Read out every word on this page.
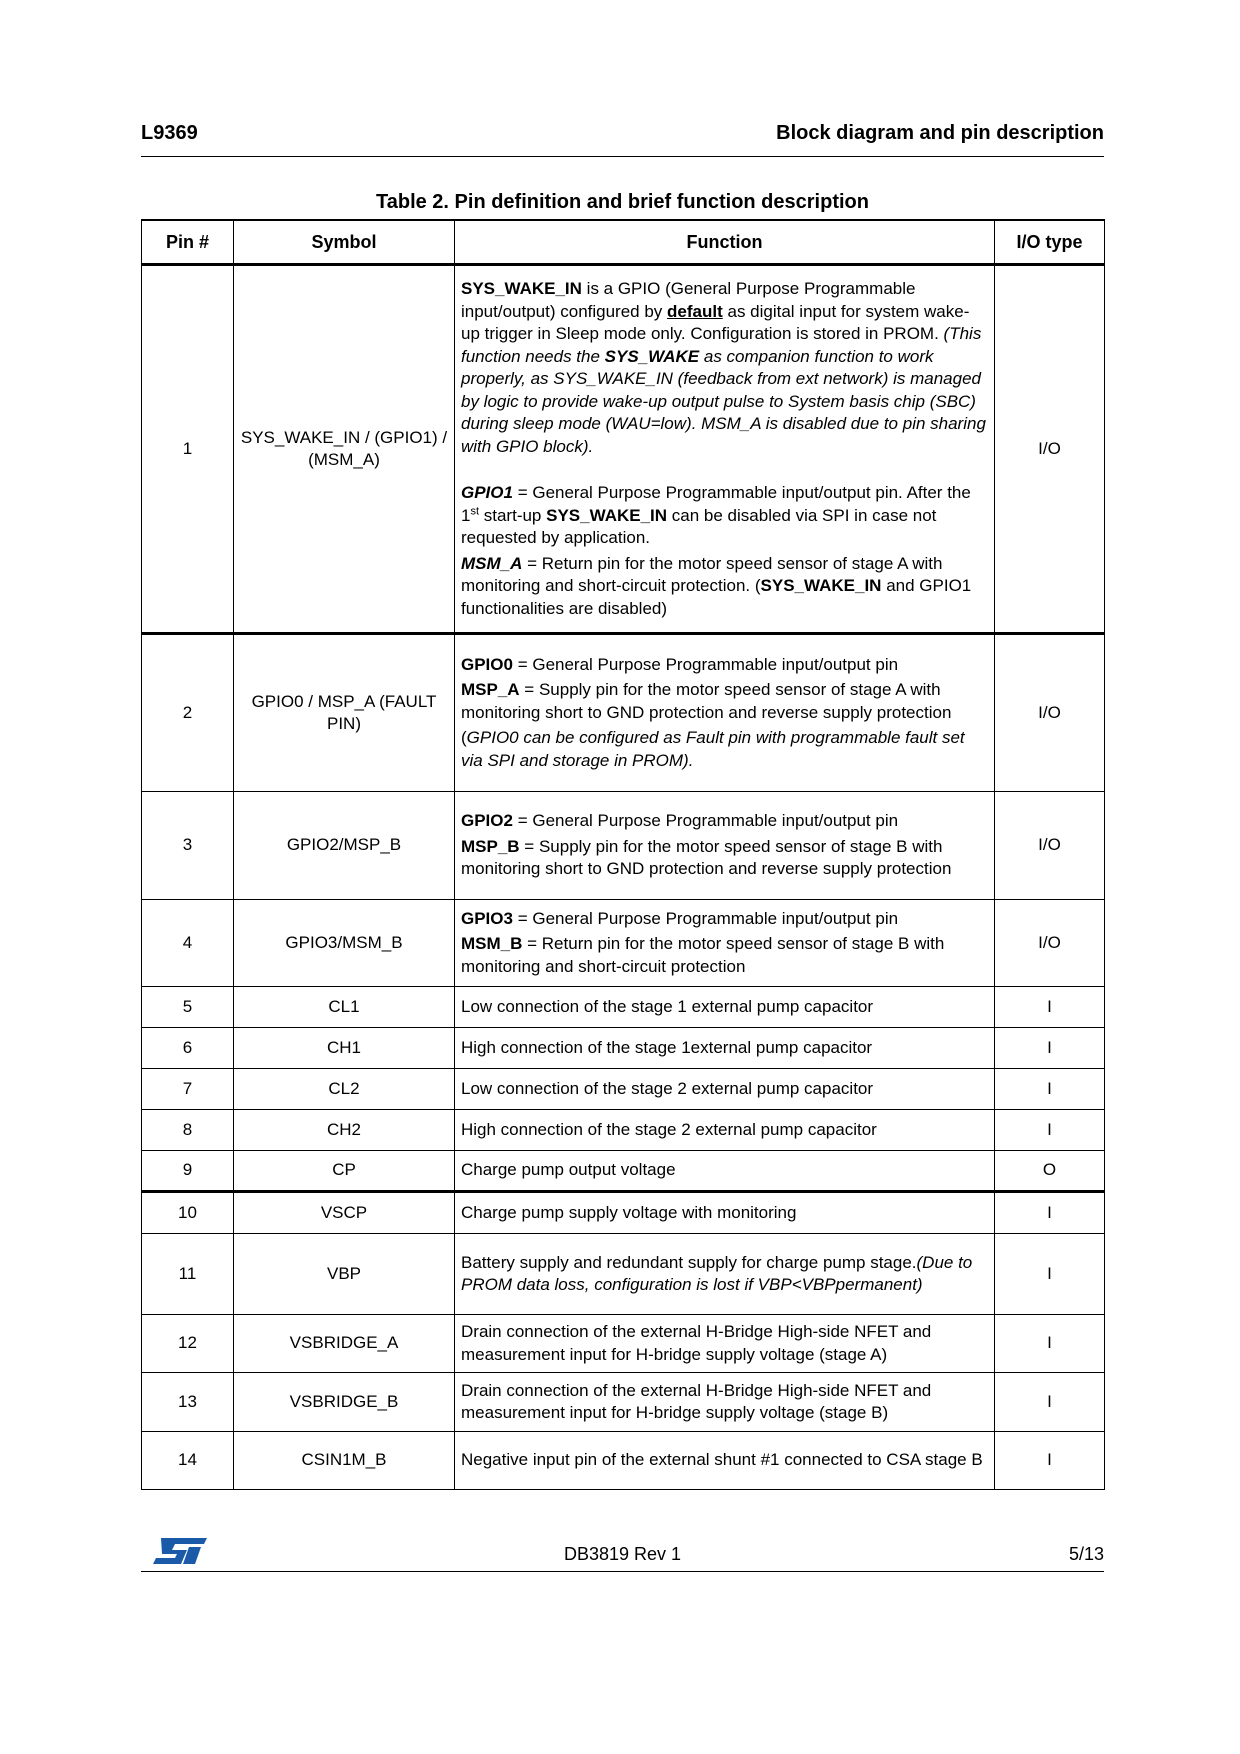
L9369	Block diagram and pin description
Table 2. Pin definition and brief function description
Pin #	Symbol	Function	I/O type
1	SYS_WAKE_IN / (GPIO1) / (MSM_A)	SYS_WAKE_IN is a GPIO (General Purpose Programmable input/output) configured by default as digital input for system wake-up trigger in Sleep mode only. Configuration is stored in PROM. (This function needs the SYS_WAKE as companion function to work properly, as SYS_WAKE_IN (feedback from ext network) is managed by logic to provide wake-up output pulse to System basis chip (SBC) during sleep mode (WAU=low). MSM_A is disabled due to pin sharing with GPIO block).
GPIO1 = General Purpose Programmable input/output pin. After the 1st start-up SYS_WAKE_IN can be disabled via SPI in case not requested by application.
MSM_A = Return pin for the motor speed sensor of stage A with monitoring and short-circuit protection. (SYS_WAKE_IN and GPIO1 functionalities are disabled)	I/O
2	GPIO0 / MSP_A (FAULT PIN)	GPIO0 = General Purpose Programmable input/output pin
MSP_A = Supply pin for the motor speed sensor of stage A with monitoring short to GND protection and reverse supply protection
(GPIO0 can be configured as Fault pin with programmable fault set via SPI and storage in PROM).	I/O
3	GPIO2/MSP_B	GPIO2 = General Purpose Programmable input/output pin
MSP_B = Supply pin for the motor speed sensor of stage B with monitoring short to GND protection and reverse supply protection	I/O
4	GPIO3/MSM_B	GPIO3 = General Purpose Programmable input/output pin
MSM_B = Return pin for the motor speed sensor of stage B with monitoring and short-circuit protection	I/O
5	CL1	Low connection of the stage 1 external pump capacitor	I
6	CH1	High connection of the stage 1external pump capacitor	I
7	CL2	Low connection of the stage 2 external pump capacitor	I
8	CH2	High connection of the stage 2 external pump capacitor	I
9	CP	Charge pump output voltage	O
10	VSCP	Charge pump supply voltage with monitoring	I
11	VBP	Battery supply and redundant supply for charge pump stage.(Due to PROM data loss, configuration is lost if VBP<VBPpermanent)	I
12	VSBRIDGE_A	Drain connection of the external H-Bridge High-side NFET and measurement input for H-bridge supply voltage (stage A)	I
13	VSBRIDGE_B	Drain connection of the external H-Bridge High-side NFET and measurement input for H-bridge supply voltage (stage B)	I
14	CSIN1M_B	Negative input pin of the external shunt #1 connected to CSA stage B	I
DB3819 Rev 1	5/13
